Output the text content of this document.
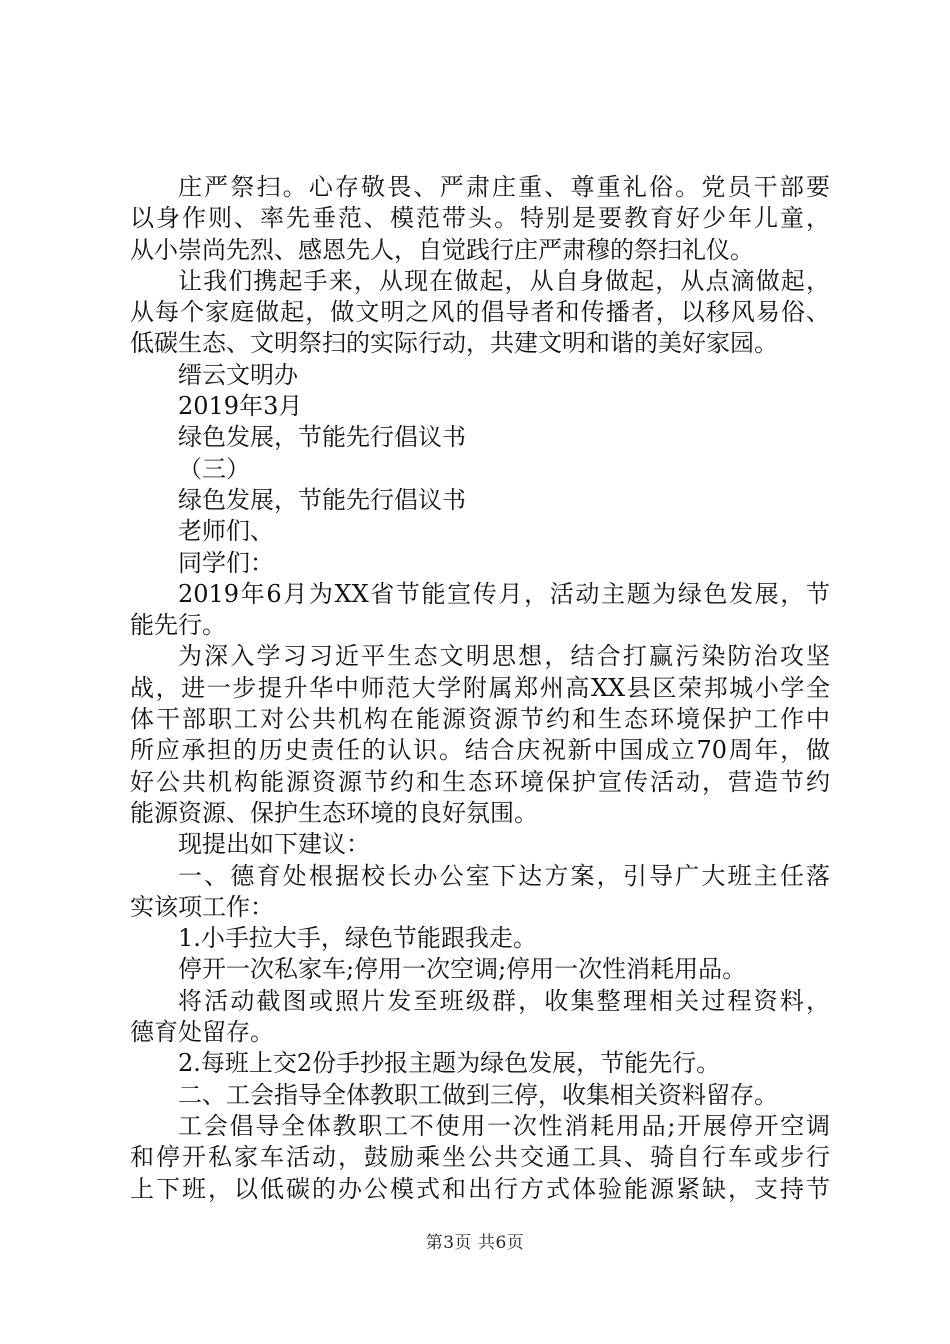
庄严祭扫。心存敬畏、严肃庄重、尊重礼俗。党员干部要
以身作则、率先垂范、模范带头。特别是要教育好少年儿童，
从小崇尚先烈、感恩先人，自觉践行庄严肃穆的祭扫礼仪。
让我们携起手来，从现在做起，从自身做起，从点滴做起，
从每个家庭做起，做文明之风的倡导者和传播者，以移风易俗、
低碳生态、文明祭扫的实际行动，共建文明和谐的美好家园。
缙云文明办
2019年3月
绿色发展，节能先行倡议书
（三）
绿色发展，节能先行倡议书
老师们、
同学们：
2019年6月为XX省节能宣传月，活动主题为绿色发展，节
能先行。
为深入学习习近平生态文明思想，结合打赢污染防治攻坚
战，进一步提升华中师范大学附属郑州高XX县区荣邦城小学全
体干部职工对公共机构在能源资源节约和生态环境保护工作中
所应承担的历史责任的认识。结合庆祝新中国成立70周年，做
好公共机构能源资源节约和生态环境保护宣传活动，营造节约
能源资源、保护生态环境的良好氛围。
现提出如下建议：
一、德育处根据校长办公室下达方案，引导广大班主任落
实该项工作：
1.小手拉大手，绿色节能跟我走。
停开一次私家车;停用一次空调;停用一次性消耗用品。
将活动截图或照片发至班级群，收集整理相关过程资料，
德育处留存。
2.每班上交2份手抄报主题为绿色发展，节能先行。
二、工会指导全体教职工做到三停，收集相关资料留存。
工会倡导全体教职工不使用一次性消耗用品;开展停开空调
和停开私家车活动，鼓励乘坐公共交通工具、骑自行车或步行
上下班，以低碳的办公模式和出行方式体验能源紧缺，支持节
第3页 共6页
